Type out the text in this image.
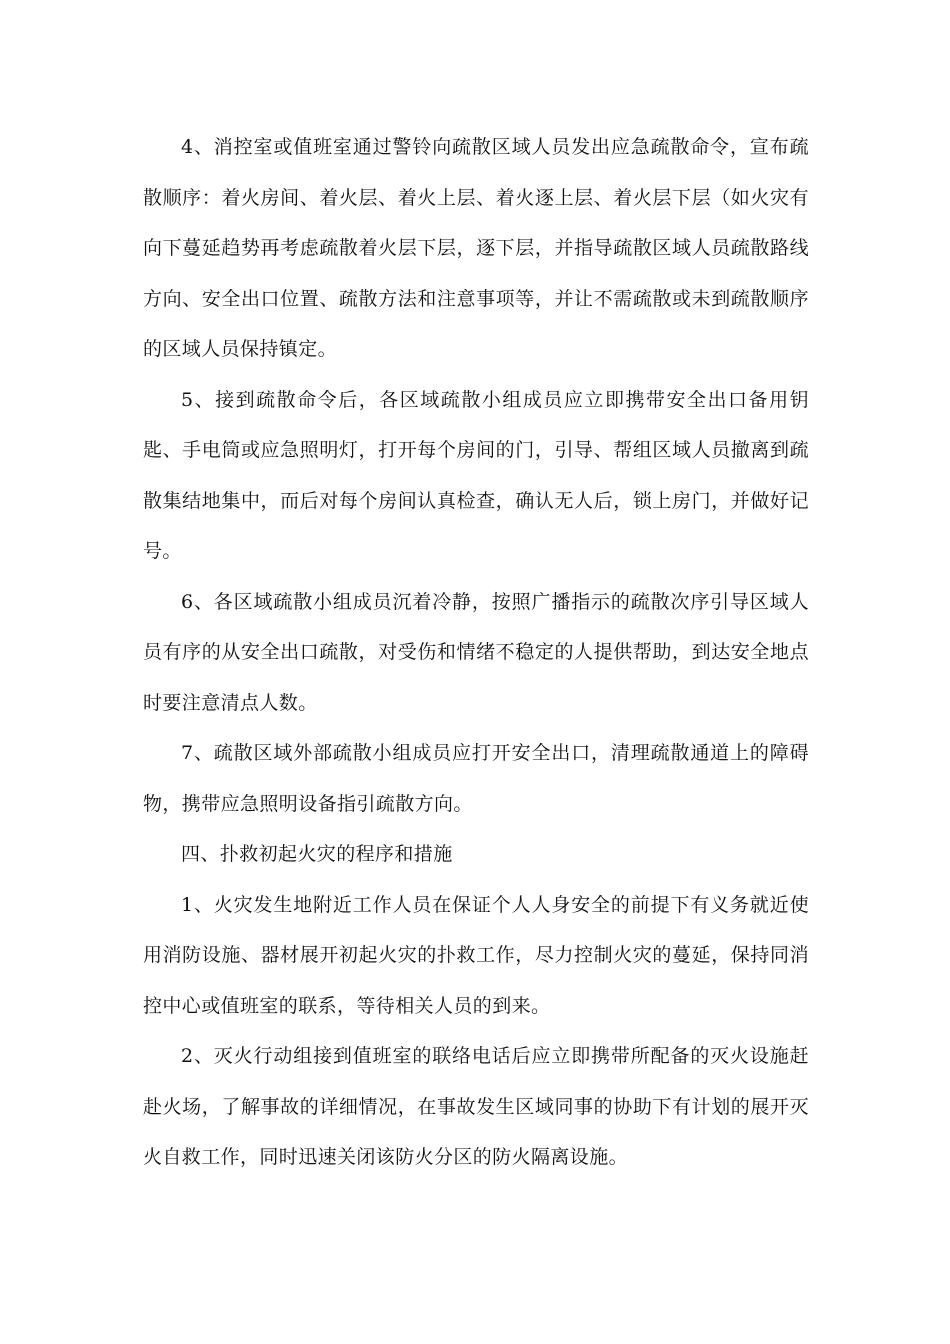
4、消控室或值班室通过警铃向疏散区域人员发出应急疏散命令，宣布疏散顺序：着火房间、着火层、着火上层、着火逐上层、着火层下层（如火灾有向下蔓延趋势再考虑疏散着火层下层，逐下层，并指导疏散区域人员疏散路线方向、安全出口位置、疏散方法和注意事项等，并让不需疏散或未到疏散顺序的区域人员保持镇定。

5、接到疏散命令后，各区域疏散小组成员应立即携带安全出口备用钥匙、手电筒或应急照明灯，打开每个房间的门，引导、帮组区域人员撤离到疏散集结地集中，而后对每个房间认真检查，确认无人后，锁上房门，并做好记号。

6、各区域疏散小组成员沉着冷静，按照广播指示的疏散次序引导区域人员有序的从安全出口疏散，对受伤和情绪不稳定的人提供帮助，到达安全地点时要注意清点人数。

7、疏散区域外部疏散小组成员应打开安全出口，清理疏散通道上的障碍物，携带应急照明设备指引疏散方向。

四、扑救初起火灾的程序和措施

1、火灾发生地附近工作人员在保证个人人身安全的前提下有义务就近使用消防设施、器材展开初起火灾的扑救工作，尽力控制火灾的蔓延，保持同消控中心或值班室的联系，等待相关人员的到来。

2、灭火行动组接到值班室的联络电话后应立即携带所配备的灭火设施赶赴火场，了解事故的详细情况，在事故发生区域同事的协助下有计划的展开灭火自救工作，同时迅速关闭该防火分区的防火隔离设施。
